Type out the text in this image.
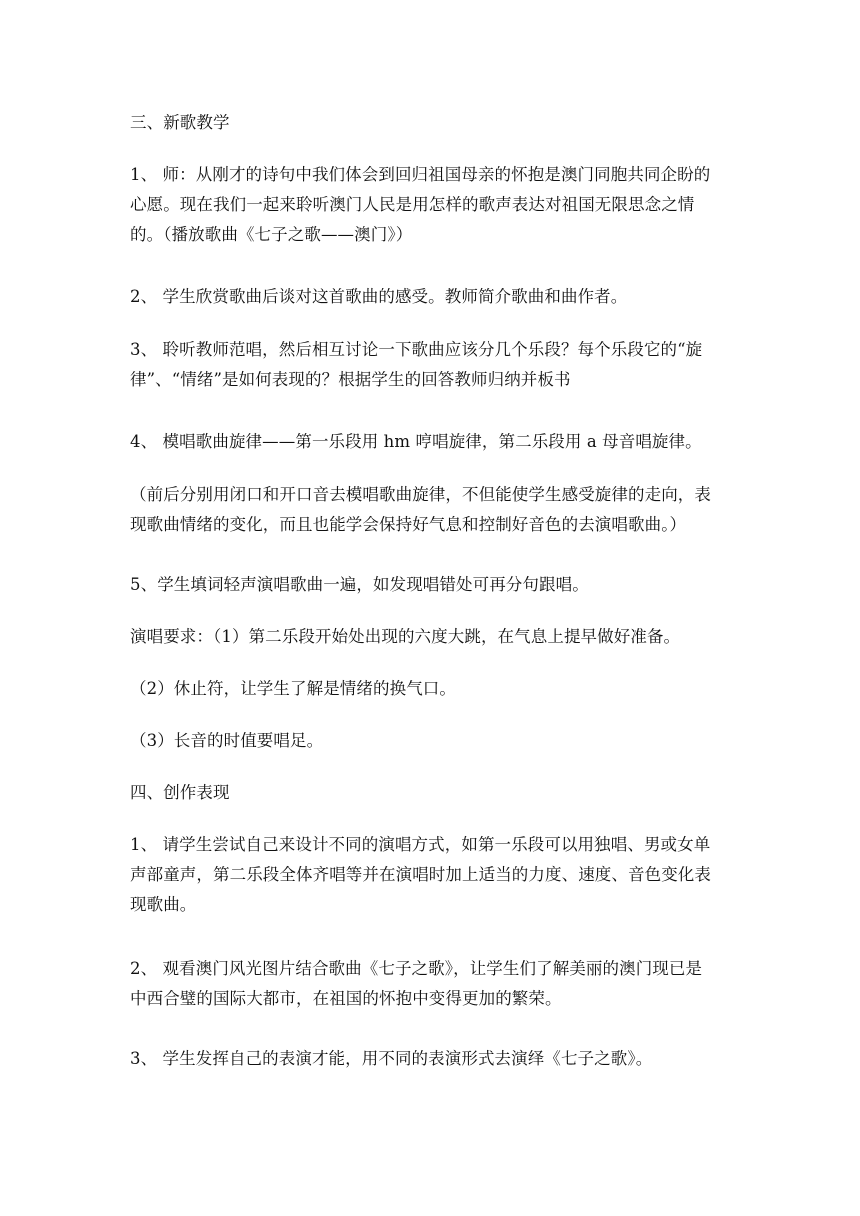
三、新歌教学

1、 师：从刚才的诗句中我们体会到回归祖国母亲的怀抱是澳门同胞共同企盼的
心愿。现在我们一起来聆听澳门人民是用怎样的歌声表达对祖国无限思念之情
的。（播放歌曲《七子之歌——澳门》）

2、 学生欣赏歌曲后谈对这首歌曲的感受。教师简介歌曲和曲作者。

3、 聆听教师范唱，然后相互讨论一下歌曲应该分几个乐段？每个乐段它的“旋
律”、“情绪”是如何表现的？根据学生的回答教师归纳并板书

4、 模唱歌曲旋律——第一乐段用 hm 哼唱旋律，第二乐段用 a 母音唱旋律。

（前后分别用闭口和开口音去模唱歌曲旋律，不但能使学生感受旋律的走向，表
现歌曲情绪的变化，而且也能学会保持好气息和控制好音色的去演唱歌曲。）

5、学生填词轻声演唱歌曲一遍，如发现唱错处可再分句跟唱。

演唱要求：（1）第二乐段开始处出现的六度大跳，在气息上提早做好准备。

（2）休止符，让学生了解是情绪的换气口。

（3）长音的时值要唱足。

四、创作表现

1、 请学生尝试自己来设计不同的演唱方式，如第一乐段可以用独唱、男或女单
声部童声，第二乐段全体齐唱等并在演唱时加上适当的力度、速度、音色变化表
现歌曲。

2、 观看澳门风光图片结合歌曲《七子之歌》，让学生们了解美丽的澳门现已是
中西合璧的国际大都市，在祖国的怀抱中变得更加的繁荣。

3、 学生发挥自己的表演才能，用不同的表演形式去演绎《七子之歌》。
